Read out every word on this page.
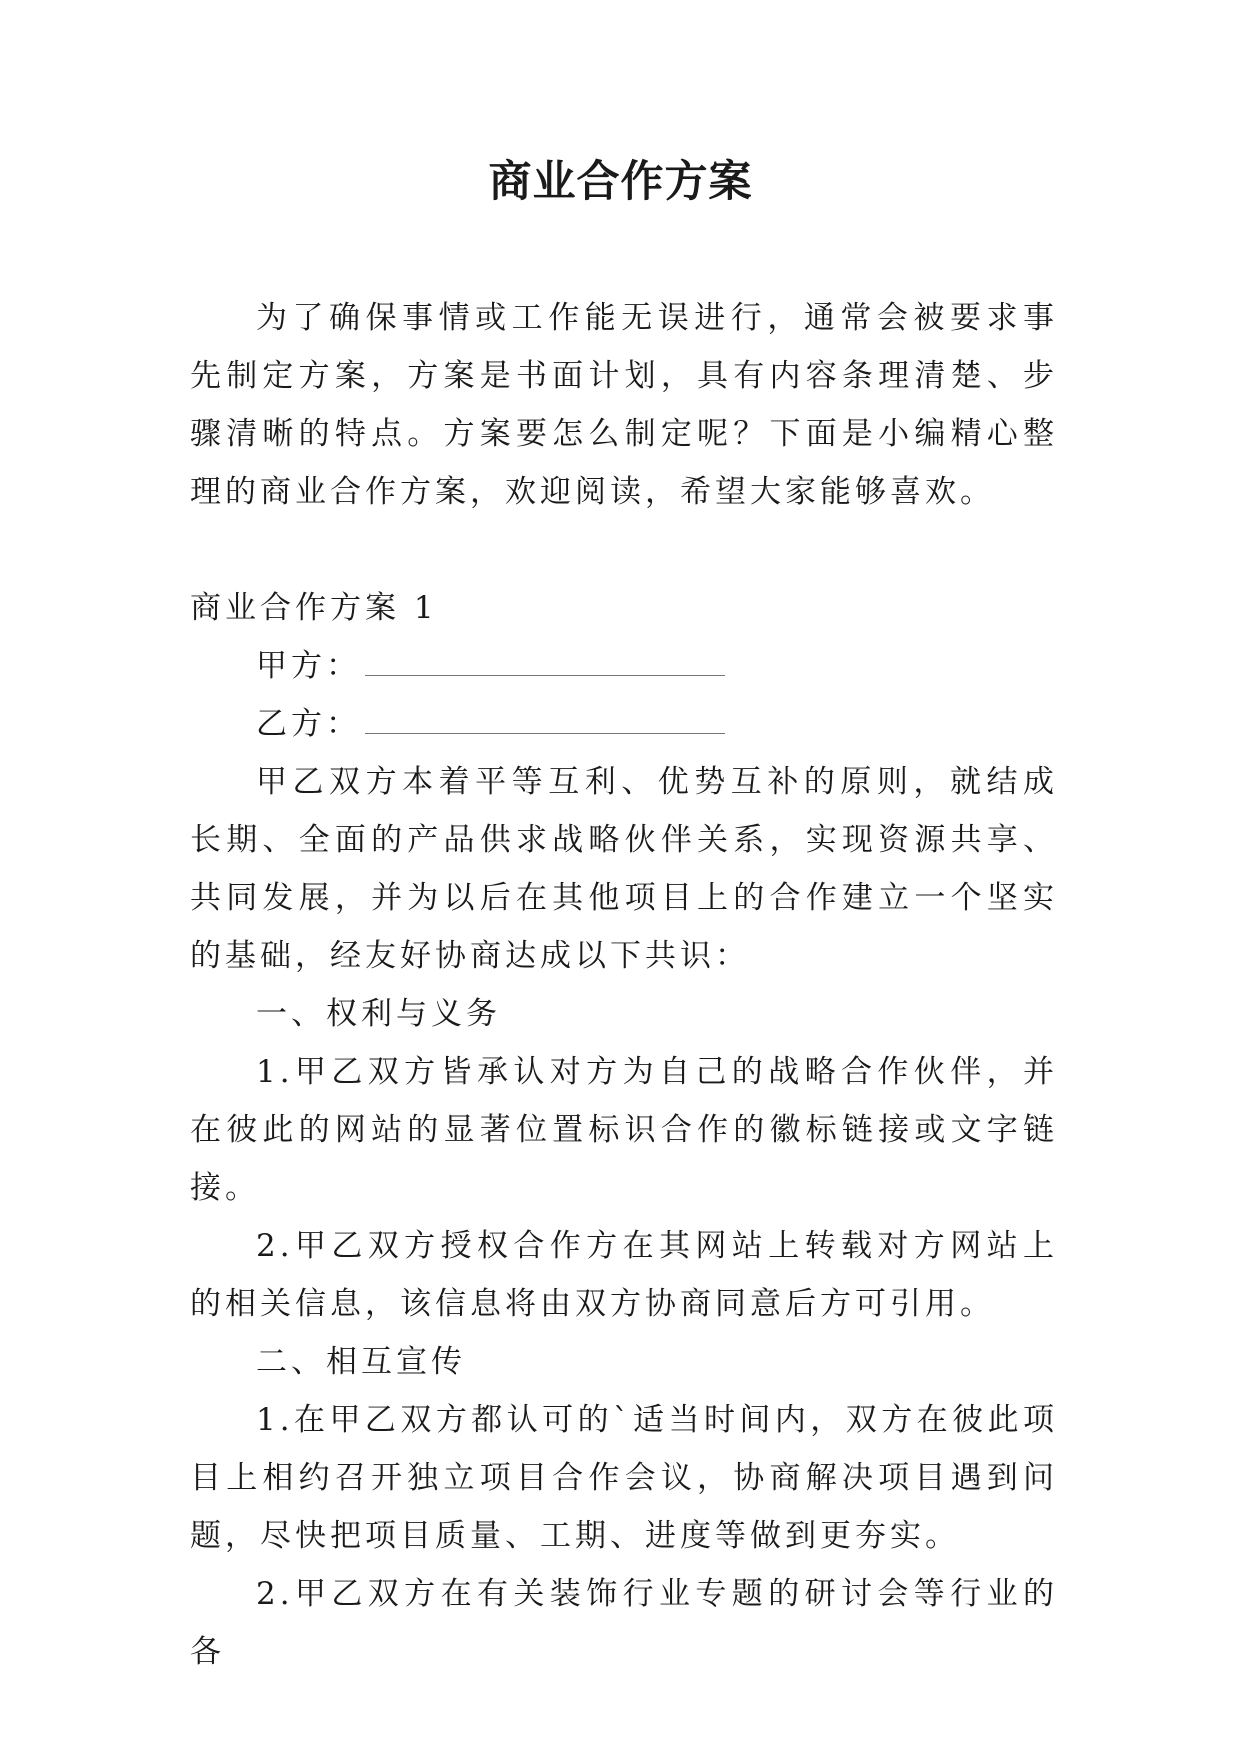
商业合作方案

为了确保事情或工作能无误进行，通常会被要求事先制定方案，方案是书面计划，具有内容条理清楚、步骤清晰的特点。方案要怎么制定呢？下面是小编精心整理的商业合作方案，欢迎阅读，希望大家能够喜欢。

商业合作方案 1

甲方：

乙方：

甲乙双方本着平等互利、优势互补的原则，就结成长期、全面的产品供求战略伙伴关系，实现资源共享、共同发展，并为以后在其他项目上的合作建立一个坚实的基础，经友好协商达成以下共识：

一、权利与义务

1.甲乙双方皆承认对方为自己的战略合作伙伴，并在彼此的网站的显著位置标识合作的徽标链接或文字链接。

2.甲乙双方授权合作方在其网站上转载对方网站上的相关信息，该信息将由双方协商同意后方可引用。

二、相互宣传

1.在甲乙双方都认可的`适当时间内，双方在彼此项目上相约召开独立项目合作会议，协商解决项目遇到问题，尽快把项目质量、工期、进度等做到更夯实。

2.甲乙双方在有关装饰行业专题的研讨会等行业的各
